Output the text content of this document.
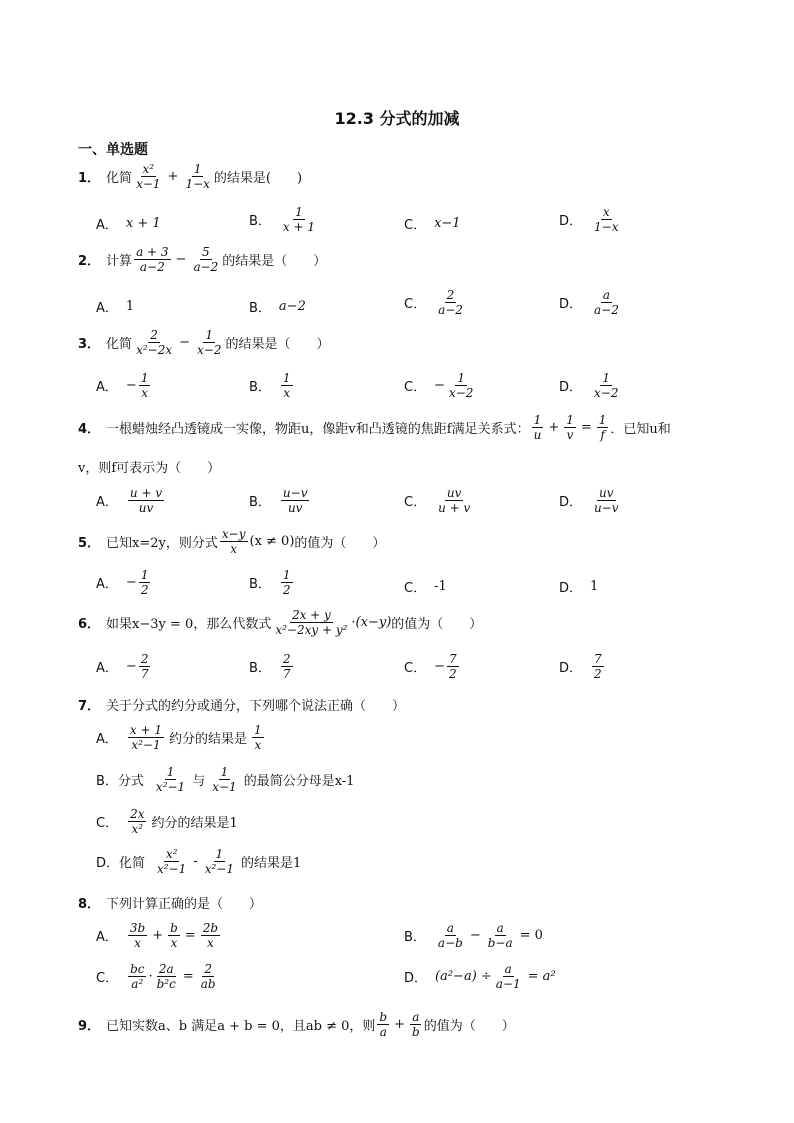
12.3 分式的加减
一、单选题
1． 化简 $\frac{\text{x²}}{x-1} + \frac{1}{1-x}$ 的结果是(　　)
A． x + 1	B． $\frac{1}{x + 1}$	C． x−1	D． $\frac{x}{1-x}$
2． 计算 $\frac{a + 3}{a-2} - \frac{5}{a-2}$ 的结果是（　　）
A． 1	B． a−2	C． $\frac{2}{a-2}$	D． $\frac{a}{a-2}$
3． 化简 $\frac{2}{\text{x²−2x}} - \frac{1}{x-2}$ 的结果是（　　）
A． − $\frac{1}{x}$	B． $\frac{1}{x}$	C． − $\frac{1}{x-2}$	D． $\frac{1}{x-2}$
4． 一根蜡烛经凸透镜成一实像，物距u，像距v和凸透镜的焦距f满足关系式： $\frac{1}{u} + \frac{1}{v} = \frac{1}{f}$ ．已知u和
v，则f可表示为（　　）
A． $\frac{u + v}{uv}$	B． $\frac{u-v}{uv}$	C． $\frac{uv}{u + v}$	D． $\frac{uv}{u-v}$
5． 已知x=2y，则分式 $\frac{x-y}{x} (x \ne 0)$ 的值为（　　）
A． − $\frac{1}{2}$	B． $\frac{1}{2}$	C． -1	D． 1
6． 如果x−3y = 0，那么代数式 $\frac{2x + y}{\text{x²−2xy + y²}} \cdot(x-y)$ 的值为（　　）
A． − $\frac{2}{7}$	B． $\frac{2}{7}$	C． − $\frac{7}{2}$	D． $\frac{7}{2}$
7． 关于分式的约分或通分，下列哪个说法正确（　　）
A． $\frac{x + 1}{\text{x²−1}}$ 约分的结果是 $\frac{1}{x}$
B．分式 $\frac{1}{\text{x²−1}}$ 与 $\frac{1}{x-1}$ 的最简公分母是x-1
C． $\frac{2x}{\text{x²}}$ 约分的结果是1
D．化简 $\frac{\text{x²}}{\text{x²−1}} - \frac{1}{\text{x²−1}}$ 的结果是1
8． 下列计算正确的是（　　）
A． $\frac{3b}{x} + \frac{b}{x} = \frac{2b}{x}$	B． $\frac{a}{a-b} - \frac{a}{b-a} = 0$
C． $\frac{bc}{\text{a²}} \cdot \frac{2a}{\text{b²c}} = \frac{2}{ab}$	D． $(a^2-a) \div \frac{a}{a-1} = a^2$
9． 已知实数a、b 满足a + b = 0，且ab ≠ 0，则 $\frac{b}{a} + \frac{a}{b}$ 的值为（　　）
